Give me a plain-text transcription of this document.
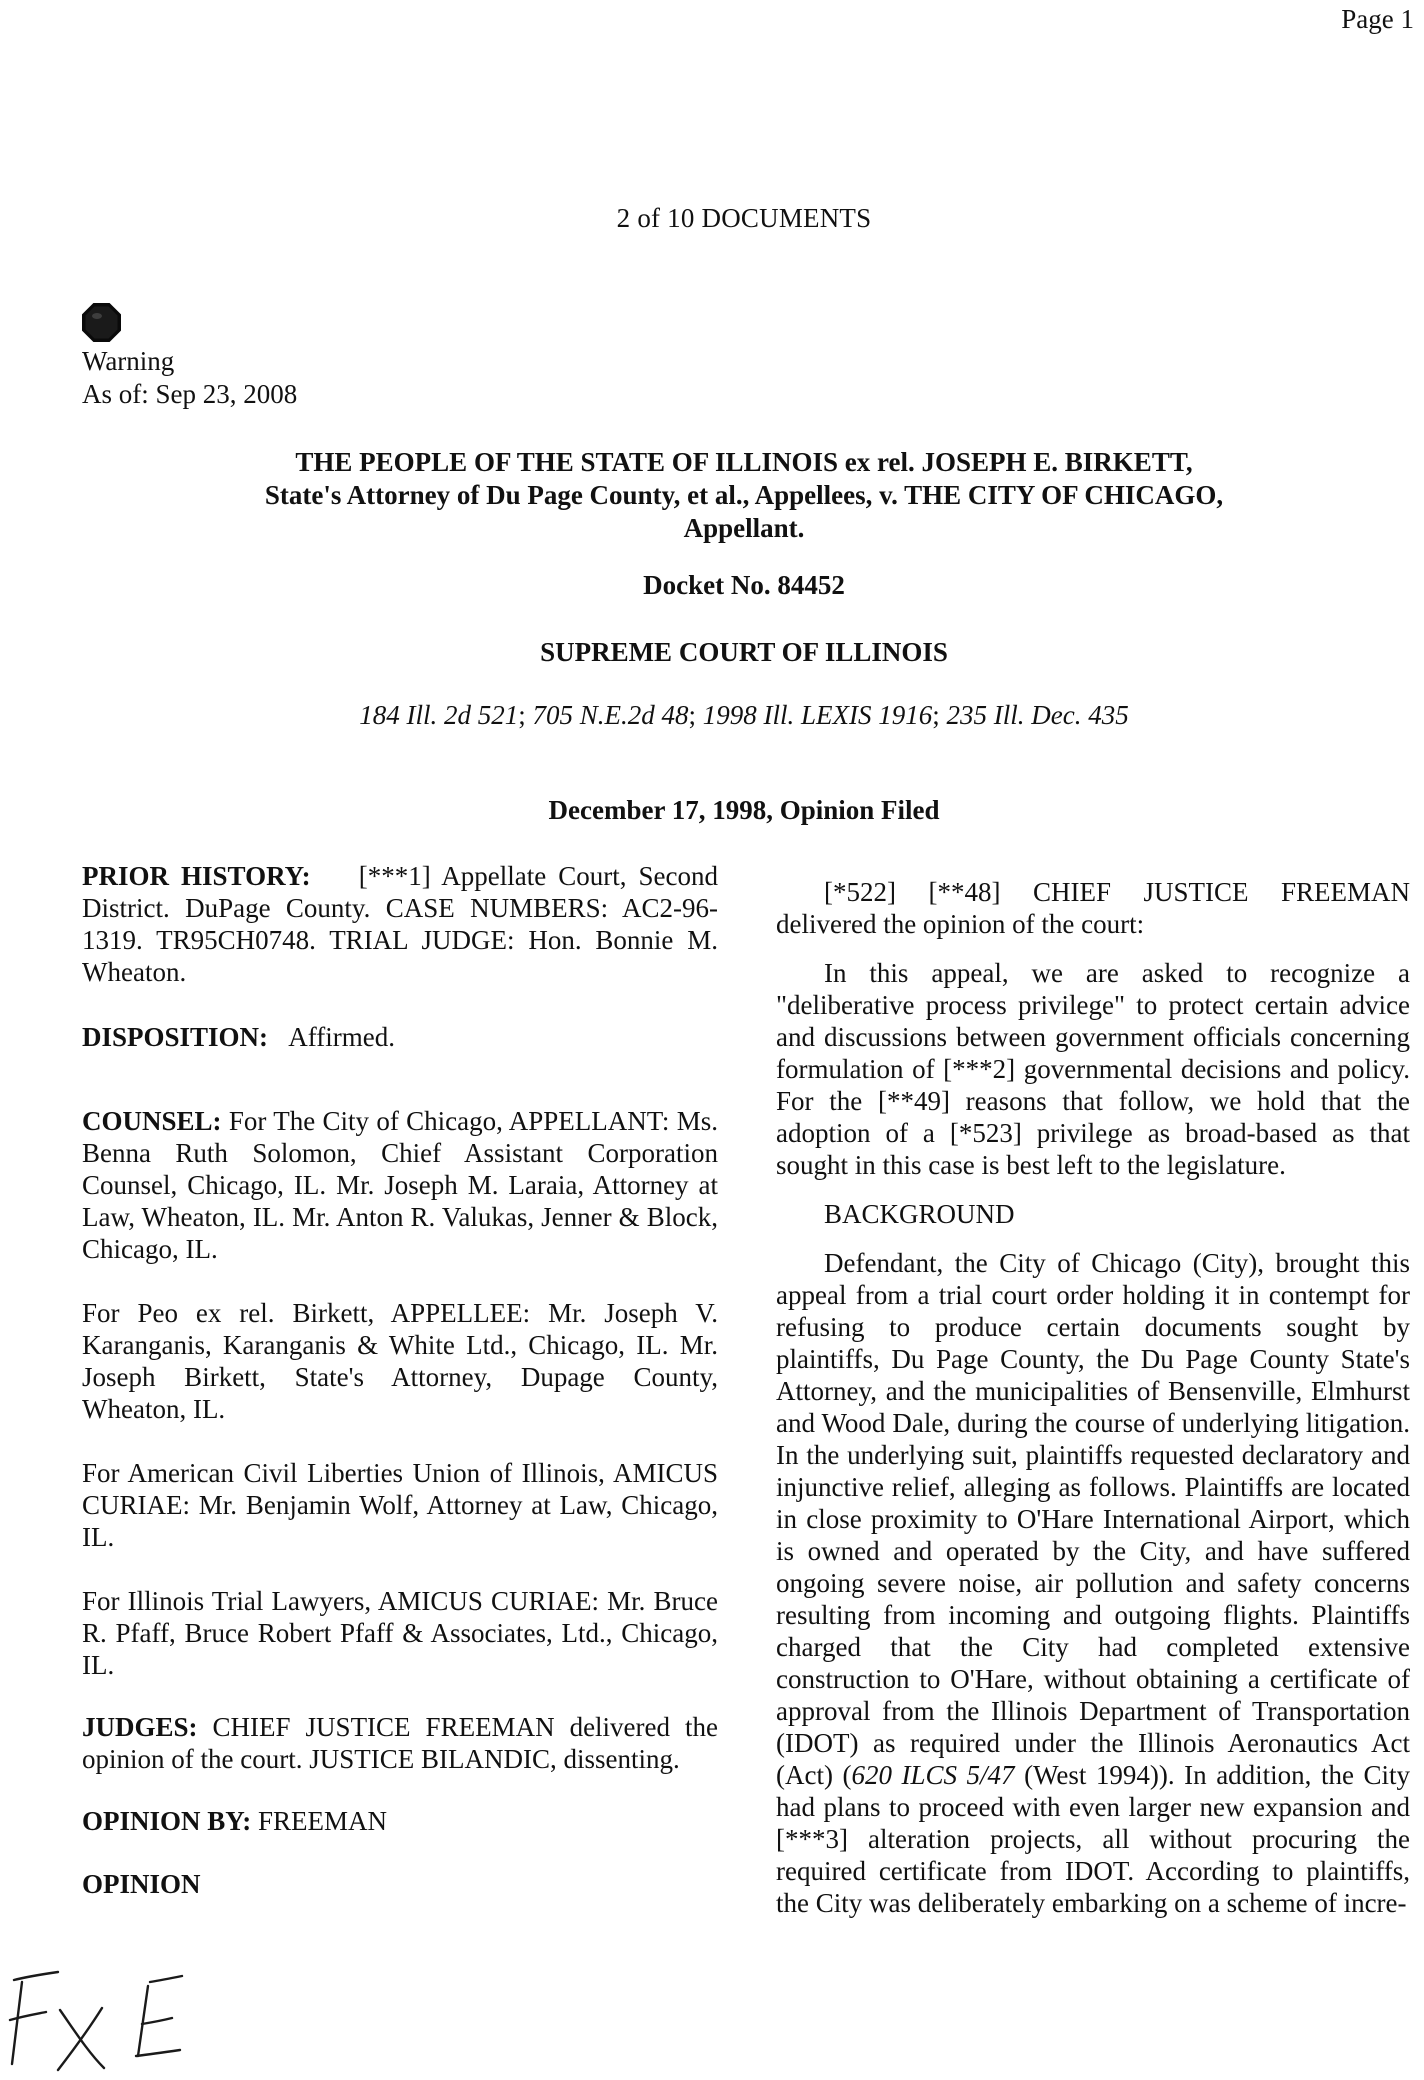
Page 1
2 of 10 DOCUMENTS
Warning
As of: Sep 23, 2008
THE PEOPLE OF THE STATE OF ILLINOIS ex rel. JOSEPH E. BIRKETT,
State's Attorney of Du Page County, et al., Appellees, v. THE CITY OF CHICAGO,
Appellant.
Docket No. 84452
SUPREME COURT OF ILLINOIS
184 Ill. 2d 521; 705 N.E.2d 48; 1998 Ill. LEXIS 1916; 235 Ill. Dec. 435
December 17, 1998, Opinion Filed

PRIOR HISTORY: [***1] Appellate Court, Second District. DuPage County. CASE NUMBERS: AC2-96-1319. TR95CH0748. TRIAL JUDGE: Hon. Bonnie M. Wheaton.

DISPOSITION: Affirmed.

COUNSEL: For The City of Chicago, APPELLANT: Ms. Benna Ruth Solomon, Chief Assistant Corporation Counsel, Chicago, IL. Mr. Joseph M. Laraia, Attorney at Law, Wheaton, IL. Mr. Anton R. Valukas, Jenner & Block, Chicago, IL.

For Peo ex rel. Birkett, APPELLEE: Mr. Joseph V. Karanganis, Karanganis & White Ltd., Chicago, IL. Mr. Joseph Birkett, State's Attorney, Dupage County, Wheaton, IL.

For American Civil Liberties Union of Illinois, AMICUS CURIAE: Mr. Benjamin Wolf, Attorney at Law, Chicago, IL.

For Illinois Trial Lawyers, AMICUS CURIAE: Mr. Bruce R. Pfaff, Bruce Robert Pfaff & Associates, Ltd., Chicago, IL.

JUDGES: CHIEF JUSTICE FREEMAN delivered the opinion of the court. JUSTICE BILANDIC, dissenting.

OPINION BY: FREEMAN

OPINION

[*522] [**48] CHIEF JUSTICE FREEMAN delivered the opinion of the court:

In this appeal, we are asked to recognize a "deliberative process privilege" to protect certain advice and discussions between government officials concerning formulation of [***2] governmental decisions and policy. For the [**49] reasons that follow, we hold that the adoption of a [*523] privilege as broad-based as that sought in this case is best left to the legislature.

BACKGROUND

Defendant, the City of Chicago (City), brought this appeal from a trial court order holding it in contempt for refusing to produce certain documents sought by plaintiffs, Du Page County, the Du Page County State's Attorney, and the municipalities of Bensenville, Elmhurst and Wood Dale, during the course of underlying litigation. In the underlying suit, plaintiffs requested declaratory and injunctive relief, alleging as follows. Plaintiffs are located in close proximity to O'Hare International Airport, which is owned and operated by the City, and have suffered ongoing severe noise, air pollution and safety concerns resulting from incoming and outgoing flights. Plaintiffs charged that the City had completed extensive construction to O'Hare, without obtaining a certificate of approval from the Illinois Department of Transportation (IDOT) as required under the Illinois Aeronautics Act (Act) (620 ILCS 5/47 (West 1994)). In addition, the City had plans to proceed with even larger new expansion and [***3] alteration projects, all without procuring the required certificate from IDOT. According to plaintiffs, the City was deliberately embarking on a scheme of incre-
